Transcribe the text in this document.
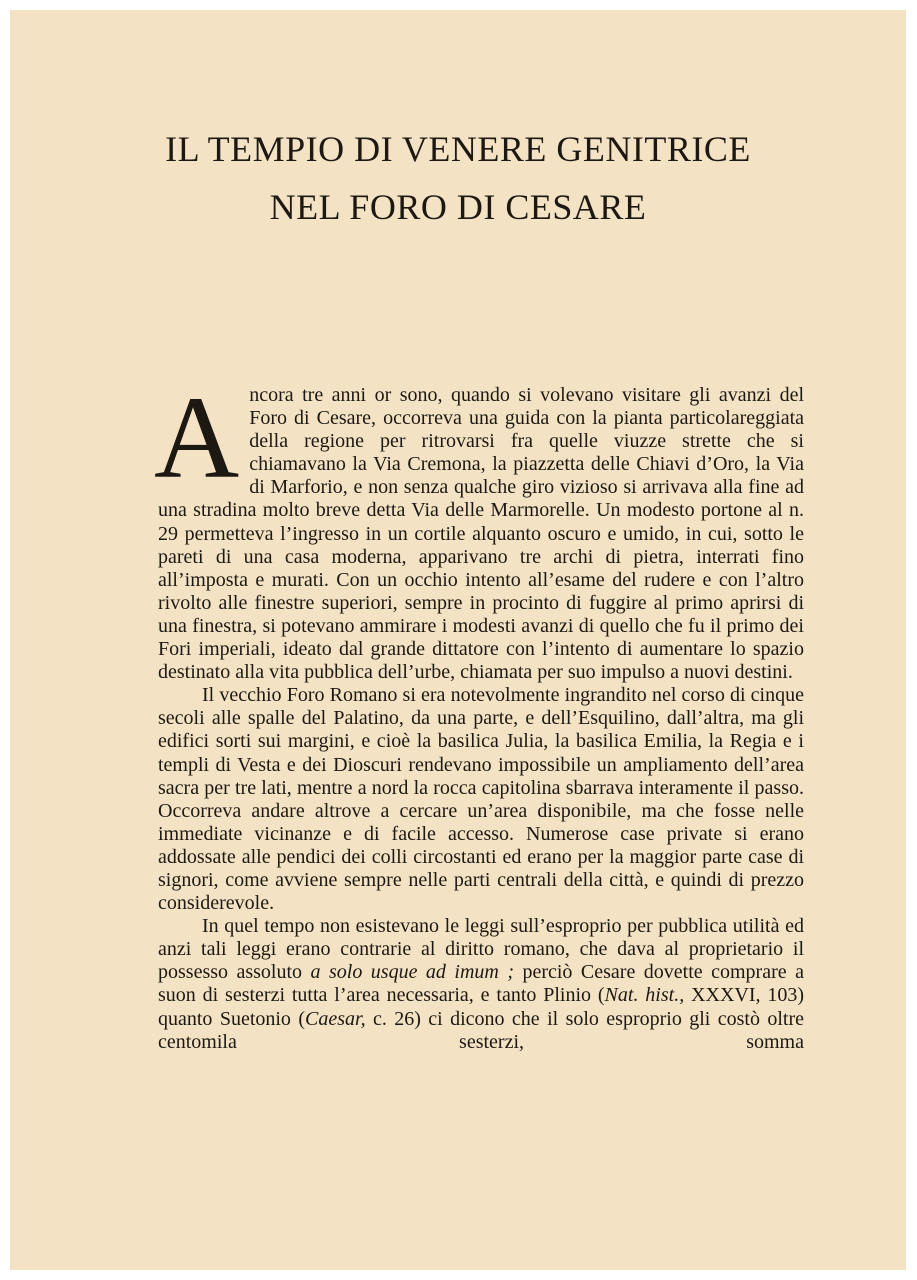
IL TEMPIO DI VENERE GENITRICE
NEL FORO DI CESARE

Ancora tre anni or sono, quando si volevano visitare gli avanzi del Foro di Cesare, occorreva una guida con la pianta particolareggiata della regione per ritrovarsi fra quelle viuzze strette che si chiamavano la Via Cremona, la piazzetta delle Chiavi d’Oro, la Via di Marforio, e non senza qualche giro vizioso si arrivava alla fine ad una stradina molto breve detta Via delle Marmorelle. Un modesto portone al n. 29 permetteva l’ingresso in un cortile alquanto oscuro e umido, in cui, sotto le pareti di una casa moderna, apparivano tre archi di pietra, interrati fino all’imposta e murati. Con un occhio intento all’esame del rudere e con l’altro rivolto alle finestre superiori, sempre in procinto di fuggire al primo aprirsi di una finestra, si potevano ammirare i modesti avanzi di quello che fu il primo dei Fori imperiali, ideato dal grande dittatore con l’intento di aumentare lo spazio destinato alla vita pubblica dell’urbe, chiamata per suo impulso a nuovi destini.

Il vecchio Foro Romano si era notevolmente ingrandito nel corso di cinque secoli alle spalle del Palatino, da una parte, e dell’Esquilino, dall’altra, ma gli edifici sorti sui margini, e cioè la basilica Julia, la basilica Emilia, la Regia e i templi di Vesta e dei Dioscuri rendevano impossibile un ampliamento dell’area sacra per tre lati, mentre a nord la rocca capitolina sbarrava interamente il passo. Occorreva andare altrove a cercare un’area disponibile, ma che fosse nelle immediate vicinanze e di facile accesso. Numerose case private si erano addossate alle pendici dei colli circostanti ed erano per la maggior parte case di signori, come avviene sempre nelle parti centrali della città, e quindi di prezzo considerevole.

In quel tempo non esistevano le leggi sull’esproprio per pubblica utilità ed anzi tali leggi erano contrarie al diritto romano, che dava al proprietario il possesso assoluto a solo usque ad imum ; perciò Cesare dovette comprare a suon di sesterzi tutta l’area necessaria, e tanto Plinio (Nat. hist., XXXVI, 103) quanto Suetonio (Caesar, c. 26) ci dicono che il solo esproprio gli costò oltre centomila sesterzi, somma
